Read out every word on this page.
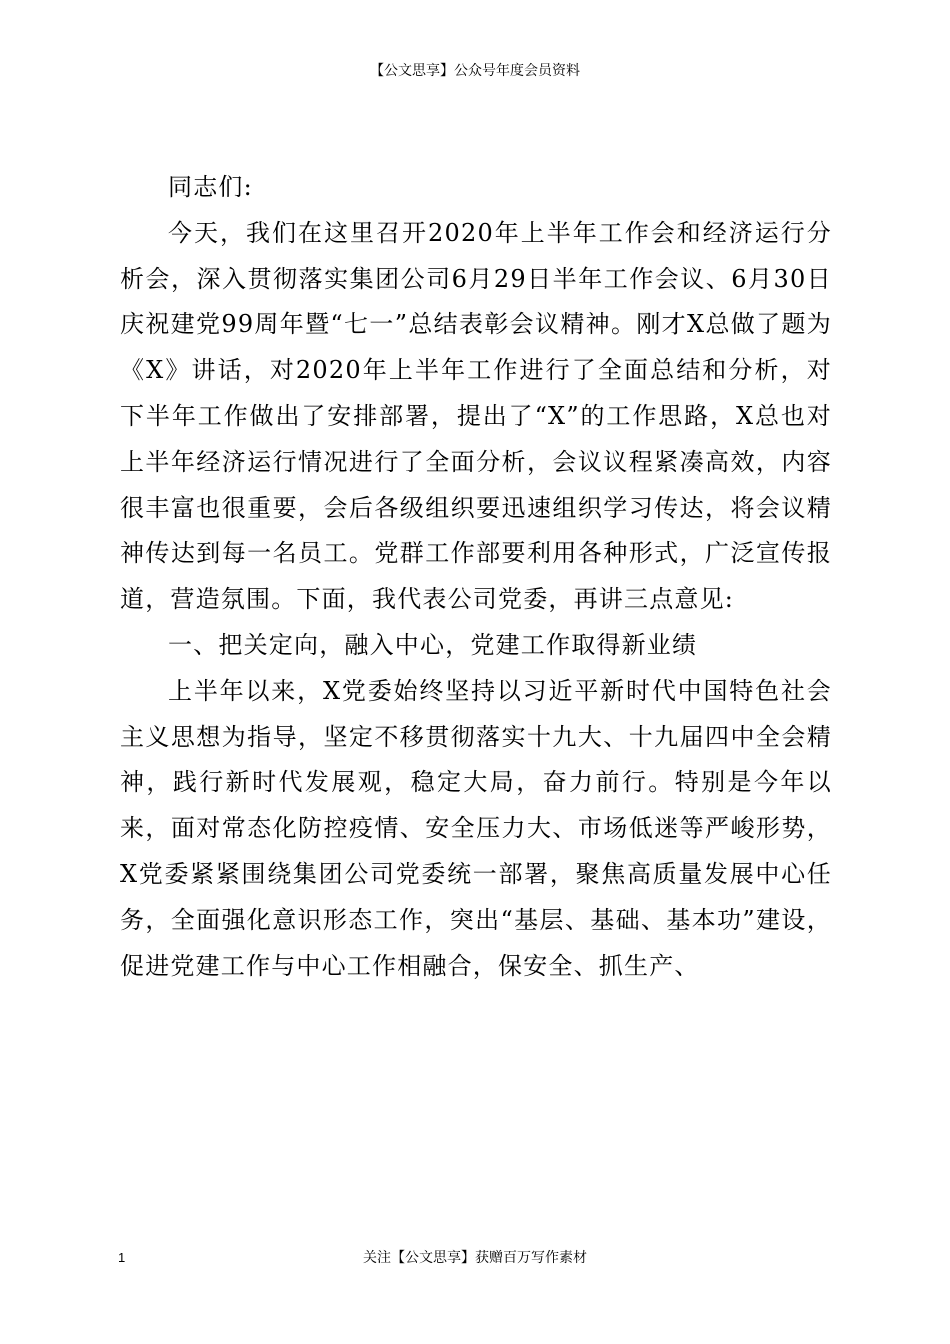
【公文思享】公众号年度会员资料

同志们:

今天，我们在这里召开2020年上半年工作会和经济运行分析会，深入贯彻落实集团公司6月29日半年工作会议、6月30日庆祝建党99周年暨“七一”总结表彰会议精神。刚才X总做了题为《X》讲话，对2020年上半年工作进行了全面总结和分析，对下半年工作做出了安排部署，提出了“X”的工作思路，X总也对上半年经济运行情况进行了全面分析，会议议程紧凑高效，内容很丰富也很重要，会后各级组织要迅速组织学习传达，将会议精神传达到每一名员工。党群工作部要利用各种形式，广泛宣传报道，营造氛围。下面，我代表公司党委，再讲三点意见:

一、把关定向，融入中心，党建工作取得新业绩

上半年以来，X党委始终坚持以习近平新时代中国特色社会主义思想为指导，坚定不移贯彻落实十九大、十九届四中全会精神，践行新时代发展观，稳定大局，奋力前行。特别是今年以来，面对常态化防控疫情、安全压力大、市场低迷等严峻形势，X党委紧紧围绕集团公司党委统一部署，聚焦高质量发展中心任务，全面强化意识形态工作，突出“基层、基础、基本功”建设，促进党建工作与中心工作相融合，保安全、抓生产、

1	关注【公文思享】获赠百万写作素材
